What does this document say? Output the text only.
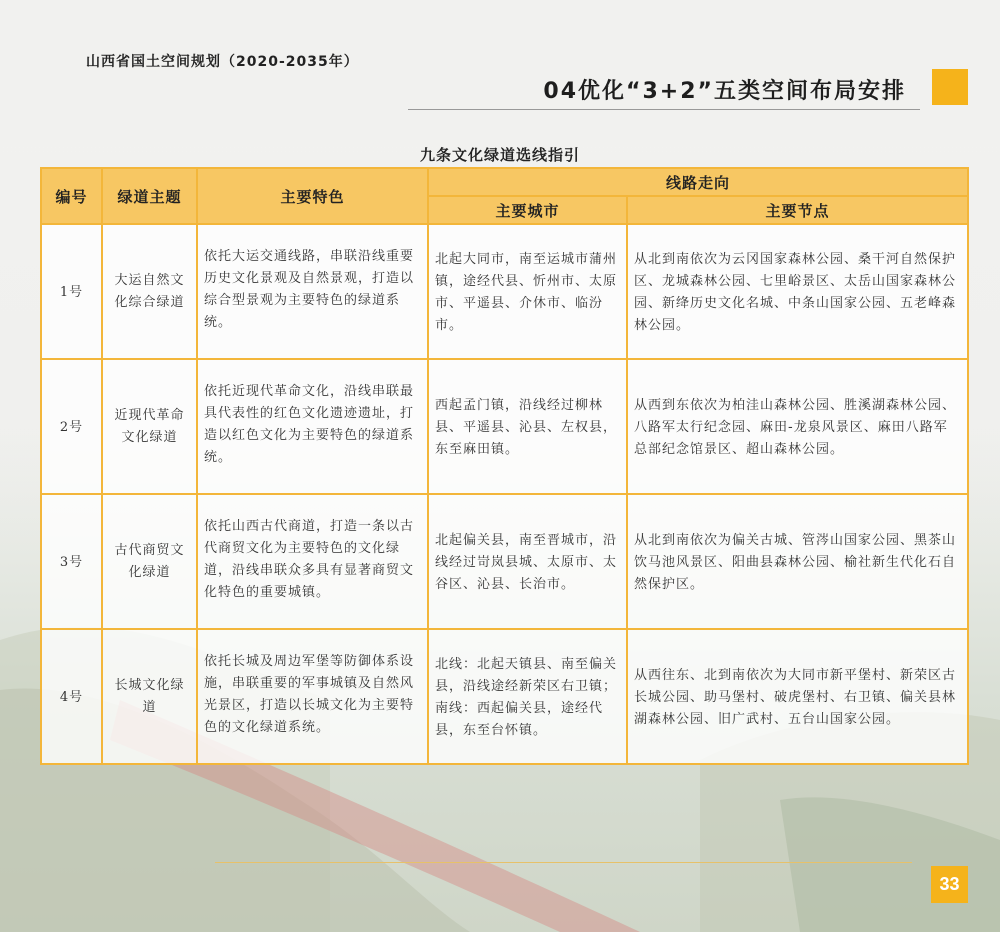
山西省国土空间规划（2020-2035年）
04优化“3+2”五类空间布局安排
九条文化绿道选线指引
编号	绿道主题	主要特色	线路走向	
			主要城市	主要节点
1号	大运自然文化综合绿道	依托大运交通线路，串联沿线重要历史文化景观及自然景观，打造以综合型景观为主要特色的绿道系统。	北起大同市，南至运城市蒲州镇，途经代县、忻州市、太原市、平遥县、介休市、临汾市。	从北到南依次为云冈国家森林公园、桑干河自然保护区、龙城森林公园、七里峪景区、太岳山国家森林公园、新绛历史文化名城、中条山国家公园、五老峰森林公园。
2号	近现代革命文化绿道	依托近现代革命文化，沿线串联最具代表性的红色文化遗迹遗址，打造以红色文化为主要特色的绿道系统。	西起孟门镇，沿线经过柳林县、平遥县、沁县、左权县，东至麻田镇。	从西到东依次为柏洼山森林公园、胜溪湖森林公园、八路军太行纪念园、麻田-龙泉风景区、麻田八路军总部纪念馆景区、超山森林公园。
3号	古代商贸文化绿道	依托山西古代商道，打造一条以古代商贸文化为主要特色的文化绿道，沿线串联众多具有显著商贸文化特色的重要城镇。	北起偏关县，南至晋城市，沿线经过岢岚县城、太原市、太谷区、沁县、长治市。	从北到南依次为偏关古城、管涔山国家公园、黑茶山饮马池风景区、阳曲县森林公园、榆社新生代化石自然保护区。
4号	长城文化绿道	依托长城及周边军堡等防御体系设施，串联重要的军事城镇及自然风光景区，打造以长城文化为主要特色的文化绿道系统。	北线：北起天镇县、南至偏关县，沿线途经新荣区右卫镇；南线：西起偏关县，途经代县，东至台怀镇。	从西往东、北到南依次为大同市新平堡村、新荣区古长城公园、助马堡村、破虎堡村、右卫镇、偏关县林湖森林公园、旧广武村、五台山国家公园。
33
